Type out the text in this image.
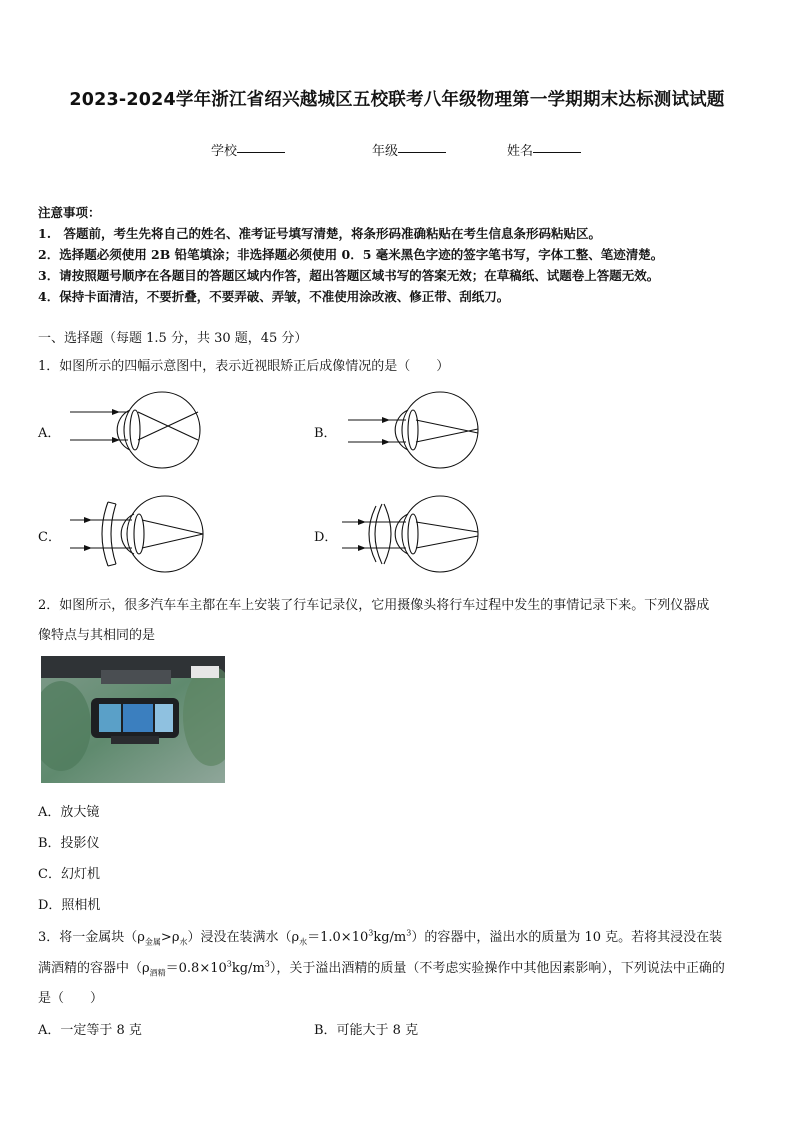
2023-2024学年浙江省绍兴越城区五校联考八年级物理第一学期期末达标测试试题
学校	年级	姓名
注意事项：
1.　答题前，考生先将自己的姓名、准考证号填写清楚，将条形码准确粘贴在考生信息条形码粘贴区。
2．选择题必须使用 2B 铅笔填涂；非选择题必须使用 0．5 毫米黑色字迹的签字笔书写，字体工整、笔迹清楚。
3．请按照题号顺序在各题目的答题区域内作答，超出答题区域书写的答案无效；在草稿纸、试题卷上答题无效。
4．保持卡面清洁，不要折叠，不要弄破、弄皱，不准使用涂改液、修正带、刮纸刀。
一、选择题（每题 1.5 分，共 30 题，45 分）
1．如图所示的四幅示意图中，表示近视眼矫正后成像情况的是（　　）
A．	B．
C．	D．
2．如图所示，很多汽车车主都在车上安装了行车记录仪，它用摄像头将行车过程中发生的事情记录下来。下列仪器成
像特点与其相同的是
A．放大镜
B．投影仪
C．幻灯机
D．照相机
3．将一金属块$(\rho_{金属}>\rho_水)$浸没在装满水$(\rho_水=1.0\times 10^3kg/m^3)$的容器中，溢出水的质量为 10 克。若将其浸没在装
满酒精的容器中$(\rho_{酒精}=0.8\times 10^3kg/m^3)$，关于溢出酒精的质量（不考虑实验操作中其他因素影响），下列说法中正确的
是（　　）
A．一定等于 8 克	B．可能大于 8 克
